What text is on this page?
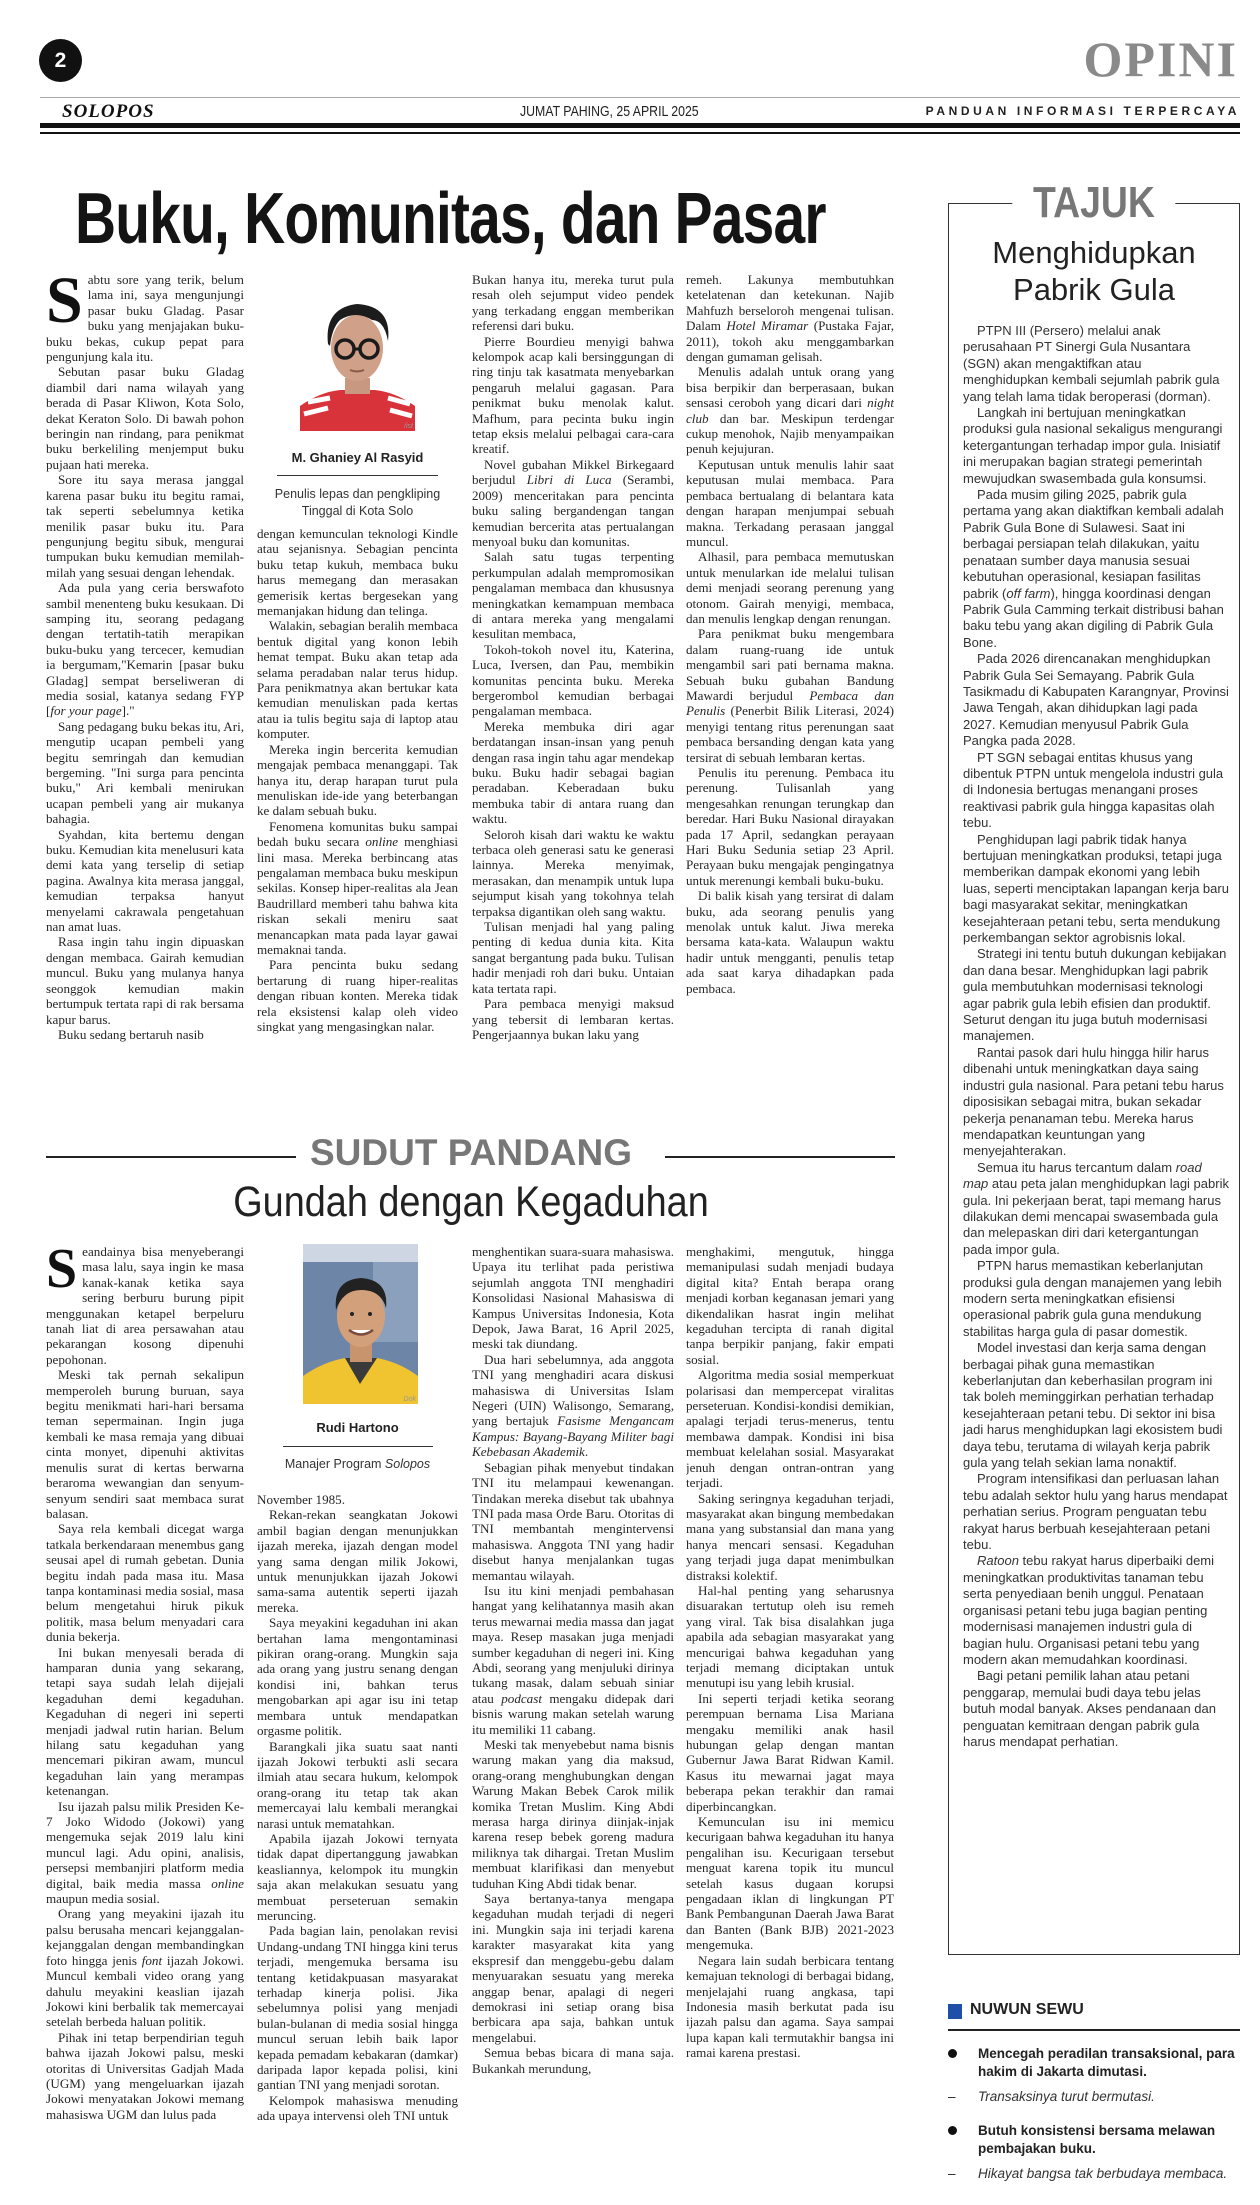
2	OPINI
SOLOPOS	JUMAT PAHING, 25 APRIL 2025	PANDUAN INFORMASI TERPERCAYA
Buku, Komunitas, dan Pasar

Sabtu sore yang terik, belum lama ini, saya mengunjungi pasar buku Gladag. Pasar buku yang menjajakan buku-buku bekas, cukup pepat para pengunjung kala itu.

Sebutan pasar buku Gladag diambil dari nama wilayah yang berada di Pasar Kliwon, Kota Solo, dekat Keraton Solo. Di bawah pohon beringin nan rindang, para penikmat buku berkeliling menjemput buku pujaan hati mereka.

Sore itu saya merasa janggal karena pasar buku itu begitu ramai, tak seperti sebelumnya ketika menilik pasar buku itu. Para pengunjung begitu sibuk, mengurai tumpukan buku kemudian memilah-milah yang sesuai dengan lehendak.

Ada pula yang ceria berswafoto sambil menenteng buku kesukaan. Di samping itu, seorang pedagang dengan tertatih-tatih merapikan buku-buku yang tercecer, kemudian ia bergumam,"Kemarin [pasar buku Gladag] sempat berseliweran di media sosial, katanya sedang FYP [for your page]."

Sang pedagang buku bekas itu, Ari, mengutip ucapan pembeli yang begitu semringah dan kemudian bergeming. "Ini surga para pencinta buku," Ari kembali menirukan ucapan pembeli yang air mukanya bahagia.

Syahdan, kita bertemu dengan buku. Kemudian kita menelusuri kata demi kata yang terselip di setiap pagina. Awalnya kita merasa janggal, kemudian terpaksa hanyut menyelami cakrawala pengetahuan nan amat luas.

Rasa ingin tahu ingin dipuaskan dengan membaca. Gairah kemudian muncul. Buku yang mulanya hanya seonggok kemudian makin bertumpuk tertata rapi di rak bersama kapur barus.

Buku sedang bertaruh nasib

/ist
M. Ghaniey Al Rasyid
Penulis lepas dan pengkliping
Tinggal di Kota Solo

dengan kemunculan teknologi Kindle atau sejanisnya. Sebagian pencinta buku tetap kukuh, membaca buku harus memegang dan merasakan gemerisik kertas bergesekan yang memanjakan hidung dan telinga.

Walakin, sebagian beralih membaca bentuk digital yang konon lebih hemat tempat. Buku akan tetap ada selama peradaban nalar terus hidup. Para penikmatnya akan bertukar kata kemudian menuliskan pada kertas atau ia tulis begitu saja di laptop atau komputer.

Mereka ingin bercerita kemudian mengajak pembaca menanggapi. Tak hanya itu, derap harapan turut pula menuliskan ide-ide yang beterbangan ke dalam sebuah buku.

Fenomena komunitas buku sampai bedah buku secara online menghiasi lini masa. Mereka berbincang atas pengalaman membaca buku meskipun sekilas. Konsep hiper-realitas ala Jean Baudrillard memberi tahu bahwa kita riskan sekali meniru saat menancapkan mata pada layar gawai memaknai tanda.

Para pencinta buku sedang bertarung di ruang hiper-realitas dengan ribuan konten. Mereka tidak rela eksistensi kalap oleh video singkat yang mengasingkan nalar.

Bukan hanya itu, mereka turut pula resah oleh sejumput video pendek yang terkadang enggan memberikan referensi dari buku.

Pierre Bourdieu menyigi bahwa kelompok acap kali bersinggungan di ring tinju tak kasatmata menyebarkan pengaruh melalui gagasan. Para penikmat buku menolak kalut. Mafhum, para pecinta buku ingin tetap eksis melalui pelbagai cara-cara kreatif.

Novel gubahan Mikkel Birkegaard berjudul Libri di Luca (Serambi, 2009) menceritakan para pencinta buku saling bergandengan tangan kemudian bercerita atas pertualangan menyoal buku dan komunitas.

Salah satu tugas terpenting perkumpulan adalah mempromosikan pengalaman membaca dan khususnya meningkatkan kemampuan membaca di antara mereka yang mengalami kesulitan membaca,

Tokoh-tokoh novel itu, Katerina, Luca, Iversen, dan Pau, membikin komunitas pencinta buku. Mereka bergerombol kemudian berbagai pengalaman membaca.

Mereka membuka diri agar berdatangan insan-insan yang penuh dengan rasa ingin tahu agar mendekap buku. Buku hadir sebagai bagian peradaban. Keberadaan buku membuka tabir di antara ruang dan waktu.

Seloroh kisah dari waktu ke waktu terbaca oleh generasi satu ke generasi lainnya. Mereka menyimak, merasakan, dan menampik untuk lupa sejumput kisah yang tokohnya telah terpaksa digantikan oleh sang waktu.

Tulisan menjadi hal yang paling penting di kedua dunia kita. Kita sangat bergantung pada buku. Tulisan hadir menjadi roh dari buku. Untaian kata tertata rapi.

Para pembaca menyigi maksud yang tebersit di lembaran kertas. Pengerjaannya bukan laku yang

remeh. Lakunya membutuhkan ketelatenan dan ketekunan. Najib Mahfuzh berseloroh mengenai tulisan. Dalam Hotel Miramar (Pustaka Fajar, 2011), tokoh aku menggambarkan dengan gumaman gelisah.

Menulis adalah untuk orang yang bisa berpikir dan berperasaan, bukan sensasi ceroboh yang dicari dari night club dan bar. Meskipun terdengar cukup menohok, Najib menyampaikan penuh kejujuran.

Keputusan untuk menulis lahir saat keputusan mulai membaca. Para pembaca bertualang di belantara kata dengan harapan menjumpai sebuah makna. Terkadang perasaan janggal muncul.

Alhasil, para pembaca memutuskan untuk menularkan ide melalui tulisan demi menjadi seorang perenung yang otonom. Gairah menyigi, membaca, dan menulis lengkap dengan renungan.

Para penikmat buku mengembara dalam ruang-ruang ide untuk mengambil sari pati bernama makna. Sebuah buku gubahan Bandung Mawardi berjudul Pembaca dan Penulis (Penerbit Bilik Literasi, 2024) menyigi tentang ritus perenungan saat pembaca bersanding dengan kata yang tersirat di sebuah lembaran kertas.

Penulis itu perenung. Pembaca itu perenung. Tulisanlah yang mengesahkan renungan terungkap dan beredar. Hari Buku Nasional dirayakan pada 17 April, sedangkan perayaan Hari Buku Sedunia setiap 23 April. Perayaan buku mengajak pengingatnya untuk merenungi kembali buku-buku.

Di balik kisah yang tersirat di dalam buku, ada seorang penulis yang menolak untuk kalut. Jiwa mereka bersama kata-kata. Walaupun waktu hadir untuk mengganti, penulis tetap ada saat karya dihadapkan pada pembaca.

TAJUK
Menghidupkan
Pabrik Gula

PTPN III (Persero) melalui anak perusahaan PT Sinergi Gula Nusantara (SGN) akan mengaktifkan atau menghidupkan kembali sejumlah pabrik gula yang telah lama tidak beroperasi (dorman).

Langkah ini bertujuan meningkatkan produksi gula nasional sekaligus mengurangi ketergantungan terhadap impor gula. Inisiatif ini merupakan bagian strategi pemerintah mewujudkan swasembada gula konsumsi.

Pada musim giling 2025, pabrik gula pertama yang akan diaktifkan kembali adalah Pabrik Gula Bone di Sulawesi. Saat ini berbagai persiapan telah dilakukan, yaitu penataan sumber daya manusia sesuai kebutuhan operasional, kesiapan fasilitas pabrik (off farm), hingga koordinasi dengan Pabrik Gula Camming terkait distribusi bahan baku tebu yang akan digiling di Pabrik Gula Bone.

Pada 2026 direncanakan menghidupkan Pabrik Gula Sei Semayang. Pabrik Gula Tasikmadu di Kabupaten Karangnyar, Provinsi Jawa Tengah, akan dihidupkan lagi pada 2027. Kemudian menyusul Pabrik Gula Pangka pada 2028.

PT SGN sebagai entitas khusus yang dibentuk PTPN untuk mengelola industri gula di Indonesia bertugas menangani proses reaktivasi pabrik gula hingga kapasitas olah tebu.

Penghidupan lagi pabrik tidak hanya bertujuan meningkatkan produksi, tetapi juga memberikan dampak ekonomi yang lebih luas, seperti menciptakan lapangan kerja baru bagi masyarakat sekitar, meningkatkan kesejahteraan petani tebu, serta mendukung perkembangan sektor agrobisnis lokal.

Strategi ini tentu butuh dukungan kebijakan dan dana besar. Menghidupkan lagi pabrik gula membutuhkan modernisasi teknologi agar pabrik gula lebih efisien dan produktif. Seturut dengan itu juga butuh modernisasi manajemen.

Rantai pasok dari hulu hingga hilir harus dibenahi untuk meningkatkan daya saing industri gula nasional. Para petani tebu harus diposisikan sebagai mitra, bukan sekadar pekerja penanaman tebu. Mereka harus mendapatkan keuntungan yang menyejahterakan.

Semua itu harus tercantum dalam road map atau peta jalan menghidupkan lagi pabrik gula. Ini pekerjaan berat, tapi memang harus dilakukan demi mencapai swasembada gula dan melepaskan diri dari ketergantungan pada impor gula.

PTPN harus memastikan keberlanjutan produksi gula dengan manajemen yang lebih modern serta meningkatkan efisiensi operasional pabrik gula guna mendukung stabilitas harga gula di pasar domestik.

Model investasi dan kerja sama dengan berbagai pihak guna memastikan keberlanjutan dan keberhasilan program ini tak boleh meminggirkan perhatian terhadap kesejahteraan petani tebu. Di sektor ini bisa jadi harus menghidupkan lagi ekosistem budi daya tebu, terutama di wilayah kerja pabrik gula yang telah sekian lama nonaktif.

Program intensifikasi dan perluasan lahan tebu adalah sektor hulu yang harus mendapat perhatian serius. Program penguatan tebu rakyat harus berbuah kesejahteraan petani tebu.

Ratoon tebu rakyat harus diperbaiki demi meningkatkan produktivitas tanaman tebu serta penyediaan benih unggul. Penataan organisasi petani tebu juga bagian penting modernisasi manajemen industri gula di bagian hulu. Organisasi petani tebu yang modern akan memudahkan koordinasi.

Bagi petani pemilik lahan atau petani penggarap, memulai budi daya tebu jelas butuh modal banyak. Akses pendanaan dan penguatan kemitraan dengan pabrik gula harus mendapat perhatian.

NUWUN SEWU
Mencegah peradilan transaksional, para hakim di Jakarta dimutasi.
– Transaksinya turut bermutasi.
Butuh konsistensi bersama melawan pembajakan buku.
– Hikayat bangsa tak berbudaya membaca.
SUDUT PANDANG
Gundah dengan Kegaduhan

Seandainya bisa menyeberangi masa lalu, saya ingin ke masa kanak-kanak ketika saya sering berburu burung pipit menggunakan ketapel berpeluru tanah liat di area persawahan atau pekarangan kosong dipenuhi pepohonan.

Meski tak pernah sekalipun memperoleh burung buruan, saya begitu menikmati hari-hari bersama teman sepermainan. Ingin juga kembali ke masa remaja yang dibuai cinta monyet, dipenuhi aktivitas menulis surat di kertas berwarna beraroma wewangian dan senyum-senyum sendiri saat membaca surat balasan.

Saya rela kembali dicegat warga tatkala berkendaraan menembus gang seusai apel di rumah gebetan. Dunia begitu indah pada masa itu. Masa tanpa kontaminasi media sosial, masa belum mengetahui hiruk pikuk politik, masa belum menyadari cara dunia bekerja.

Ini bukan menyesali berada di hamparan dunia yang sekarang, tetapi saya sudah lelah dijejali kegaduhan demi kegaduhan. Kegaduhan di negeri ini seperti menjadi jadwal rutin harian. Belum hilang satu kegaduhan yang mencemari pikiran awam, muncul kegaduhan lain yang merampas ketenangan.

Isu ijazah palsu milik Presiden Ke-7 Joko Widodo (Jokowi) yang mengemuka sejak 2019 lalu kini muncul lagi. Adu opini, analisis, persepsi membanjiri platform media digital, baik media massa online maupun media sosial.

Orang yang meyakini ijazah itu palsu berusaha mencari kejanggalan-kejanggalan dengan membandingkan foto hingga jenis font ijazah Jokowi. Muncul kembali video orang yang dahulu meyakini keaslian ijazah Jokowi kini berbalik tak memercayai setelah berbeda haluan politik.

Pihak ini tetap berpendirian teguh bahwa ijazah Jokowi palsu, meski otoritas di Universitas Gadjah Mada (UGM) yang mengeluarkan ijazah Jokowi menyatakan Jokowi memang mahasiswa UGM dan lulus pada

Dok
Rudi Hartono
Manajer Program Solopos

November 1985.

Rekan-rekan seangkatan Jokowi ambil bagian dengan menunjukkan ijazah mereka, ijazah dengan model yang sama dengan milik Jokowi, untuk menunjukkan ijazah Jokowi sama-sama autentik seperti ijazah mereka.

Saya meyakini kegaduhan ini akan bertahan lama mengontaminasi pikiran orang-orang. Mungkin saja ada orang yang justru senang dengan kondisi ini, bahkan terus mengobarkan api agar isu ini tetap membara untuk mendapatkan orgasme politik.

Barangkali jika suatu saat nanti ijazah Jokowi terbukti asli secara ilmiah atau secara hukum, kelompok orang-orang itu tetap tak akan memercayai lalu kembali merangkai narasi untuk mematahkan.

Apabila ijazah Jokowi ternyata tidak dapat dipertanggung jawabkan keasliannya, kelompok itu mungkin saja akan melakukan sesuatu yang membuat perseteruan semakin meruncing.

Pada bagian lain, penolakan revisi Undang-undang TNI hingga kini terus terjadi, mengemuka bersama isu tentang ketidakpuasan masyarakat terhadap kinerja polisi. Jika sebelumnya polisi yang menjadi bulan-bulanan di media sosial hingga muncul seruan lebih baik lapor kepada pemadam kebakaran (damkar) daripada lapor kepada polisi, kini gantian TNI yang menjadi sorotan.

Kelompok mahasiswa menuding ada upaya intervensi oleh TNI untuk

menghentikan suara-suara mahasiswa. Upaya itu terlihat pada peristiwa sejumlah anggota TNI menghadiri Konsolidasi Nasional Mahasiswa di Kampus Universitas Indonesia, Kota Depok, Jawa Barat, 16 April 2025, meski tak diundang.

Dua hari sebelumnya, ada anggota TNI yang menghadiri acara diskusi mahasiswa di Universitas Islam Negeri (UIN) Walisongo, Semarang, yang bertajuk Fasisme Mengancam Kampus: Bayang-Bayang Militer bagi Kebebasan Akademik.

Sebagian pihak menyebut tindakan TNI itu melampaui kewenangan. Tindakan mereka disebut tak ubahnya TNI pada masa Orde Baru. Otoritas di TNI membantah mengintervensi mahasiswa. Anggota TNI yang hadir disebut hanya menjalankan tugas memantau wilayah.

Isu itu kini menjadi pembahasan hangat yang kelihatannya masih akan terus mewarnai media massa dan jagat maya. Resep masakan juga menjadi sumber kegaduhan di negeri ini. King Abdi, seorang yang menjuluki dirinya tukang masak, dalam sebuah siniar atau podcast mengaku didepak dari bisnis warung makan setelah warung itu memiliki 11 cabang.

Meski tak menyebebut nama bisnis warung makan yang dia maksud, orang-orang menghubungkan dengan Warung Makan Bebek Carok milik komika Tretan Muslim. King Abdi merasa harga dirinya diinjak-injak karena resep bebek goreng madura miliknya tak dihargai. Tretan Muslim membuat klarifikasi dan menyebut tuduhan King Abdi tidak benar.

Saya bertanya-tanya mengapa kegaduhan mudah terjadi di negeri ini. Mungkin saja ini terjadi karena karakter masyarakat kita yang ekspresif dan menggebu-gebu dalam menyuarakan sesuatu yang mereka anggap benar, apalagi di negeri demokrasi ini setiap orang bisa berbicara apa saja, bahkan untuk mengelabui.

Semua bebas bicara di mana saja. Bukankah merundung,

menghakimi, mengutuk, hingga memanipulasi sudah menjadi budaya digital kita? Entah berapa orang menjadi korban keganasan jemari yang dikendalikan hasrat ingin melihat kegaduhan tercipta di ranah digital tanpa berpikir panjang, fakir empati sosial.

Algoritma media sosial memperkuat polarisasi dan mempercepat viralitas perseteruan. Kondisi-kondisi demikian, apalagi terjadi terus-menerus, tentu membawa dampak. Kondisi ini bisa membuat kelelahan sosial. Masyarakat jenuh dengan ontran-ontran yang terjadi.

Saking seringnya kegaduhan terjadi, masyarakat akan bingung membedakan mana yang substansial dan mana yang hanya mencari sensasi. Kegaduhan yang terjadi juga dapat menimbulkan distraksi kolektif.

Hal-hal penting yang seharusnya disuarakan tertutup oleh isu remeh yang viral. Tak bisa disalahkan juga apabila ada sebagian masyarakat yang mencurigai bahwa kegaduhan yang terjadi memang diciptakan untuk menutupi isu yang lebih krusial.

Ini seperti terjadi ketika seorang perempuan bernama Lisa Mariana mengaku memiliki anak hasil hubungan gelap dengan mantan Gubernur Jawa Barat Ridwan Kamil. Kasus itu mewarnai jagat maya beberapa pekan terakhir dan ramai diperbincangkan.

Kemunculan isu ini memicu kecurigaan bahwa kegaduhan itu hanya pengalihan isu. Kecurigaan tersebut menguat karena topik itu muncul setelah kasus dugaan korupsi pengadaan iklan di lingkungan PT Bank Pembangunan Daerah Jawa Barat dan Banten (Bank BJB) 2021-2023 mengemuka.

Negara lain sudah berbicara tentang kemajuan teknologi di berbagai bidang, menjelajahi ruang angkasa, tapi Indonesia masih berkutat pada isu ijazah palsu dan agama. Saya sampai lupa kapan kali termutakhir bangsa ini ramai karena prestasi.
